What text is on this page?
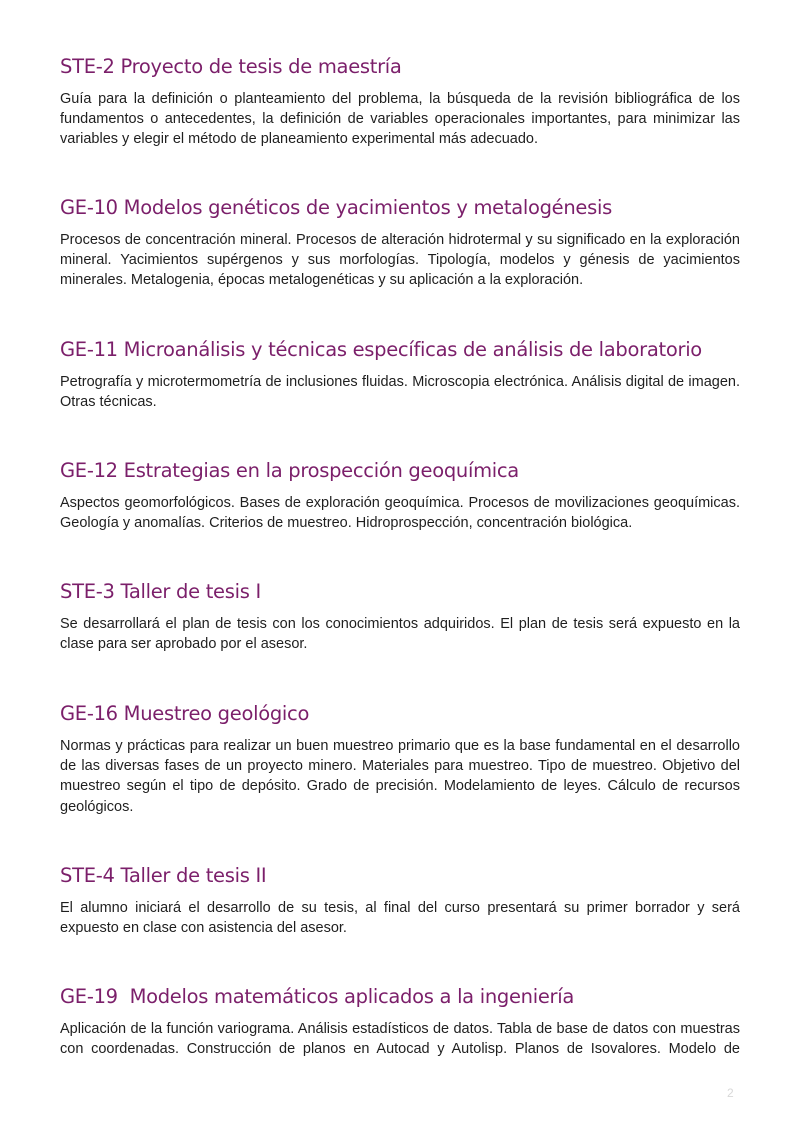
STE-2 Proyecto de tesis de maestría

Guía para la definición o planteamiento del problema, la búsqueda de la revisión bibliográfica de los fundamentos o antecedentes, la definición de variables operacionales importantes, para minimizar las variables y elegir el método de planeamiento experimental más adecuado.

GE-10 Modelos genéticos de yacimientos y metalogénesis

Procesos de concentración mineral. Procesos de alteración hidrotermal y su significado en la exploración mineral. Yacimientos supérgenos y sus morfologías. Tipología, modelos y génesis de yacimientos minerales. Metalogenia, épocas metalogenéticas y su aplicación a la exploración.

GE-11 Microanálisis y técnicas específicas de análisis de laboratorio

Petrografía y microtermometría de inclusiones fluidas. Microscopia electrónica. Análisis digital de imagen. Otras técnicas.

GE-12 Estrategias en la prospección geoquímica

Aspectos geomorfológicos. Bases de exploración geoquímica. Procesos de movilizaciones geoquímicas. Geología y anomalías. Criterios de muestreo. Hidroprospección, concentración biológica.

STE-3 Taller de tesis I

Se desarrollará el plan de tesis con los conocimientos adquiridos. El plan de tesis será expuesto en la clase para ser aprobado por el asesor.

GE-16 Muestreo geológico

Normas y prácticas para realizar un buen muestreo primario que es la base fundamental en el desarrollo de las diversas fases de un proyecto minero. Materiales para muestreo. Tipo de muestreo. Objetivo del muestreo según el tipo de depósito. Grado de precisión. Modelamiento de leyes. Cálculo de recursos geológicos.

STE-4 Taller de tesis II

El alumno iniciará el desarrollo de su tesis, al final del curso presentará su primer borrador y será expuesto en clase con asistencia del asesor.

GE-19  Modelos matemáticos aplicados a la ingeniería

Aplicación de la función variograma. Análisis estadísticos de datos. Tabla de base de datos con muestras con coordenadas. Construcción de planos en Autocad y Autolisp. Planos de Isovalores. Modelo de

2
